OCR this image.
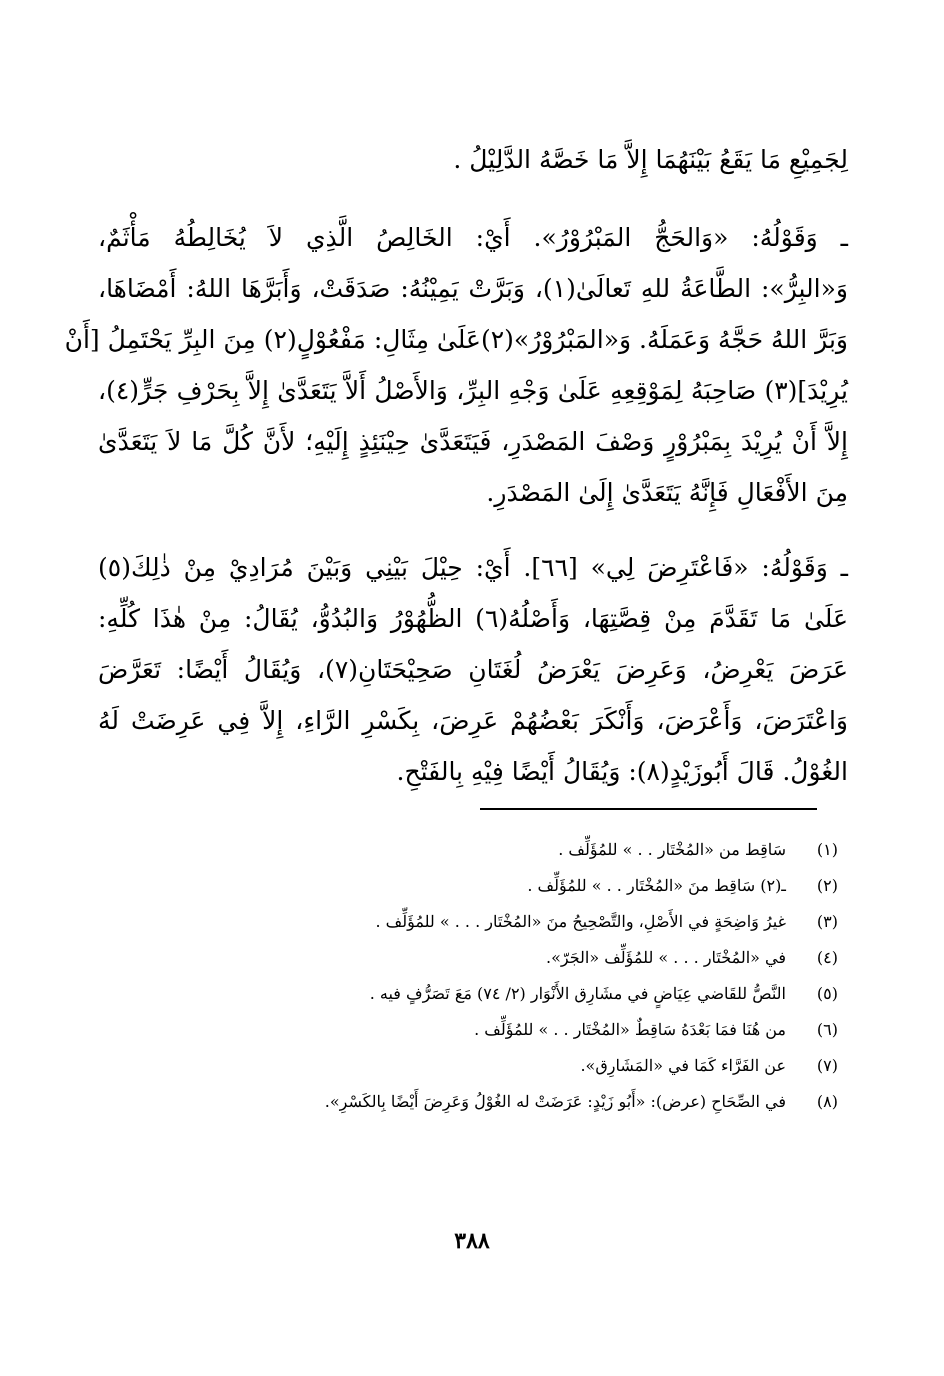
لِجَمِيْعِ مَا يَقَعُ بَيْنَهُمَا إِلاَّ مَا خَصَّهُ الدَّلِيْلُ .
ـ وَقَوْلُهُ: «وَالحَجُّ المَبْرُوْرُ». أَيْ: الخَالِصُ الَّذِي لاَ يُخَالِطُهُ مَأْثَمٌ،
وَ«البِرُّ»: الطَّاعَةُ للهِ تَعالَىٰ(١)، وَبَرَّتْ يَمِيْنُهُ: صَدَقَتْ، وَأَبَرَّهَا اللهُ: أَمْضَاهَا،
وَبَرَّ اللهُ حَجَّهُ وَعَمَلَهُ. وَ«المَبْرُوْرُ»(٢)عَلَىٰ مِثَالِ: مَفْعُوْلٍ(٢) مِنَ البِرِّ يَحْتَمِلُ [أَنْ
يُرِيْدَ](٣) صَاحِبَهُ لِمَوْقِعِهِ عَلَىٰ وَجْهِ البِرِّ، وَالأَصْلُ أَلاَّ يَتَعَدَّىٰ إِلاَّ بِحَرْفِ جَرٍّ(٤)،
إِلاَّ أَنْ يُرِيْدَ بِمَبْرُوْرٍ وَصْفَ المَصْدَرِ، فَيَتَعَدَّىٰ حِيْنَئِذٍ إِلَيْهِ؛ لأَنَّ كُلَّ مَا لاَ يَتَعَدَّىٰ
مِنَ الأَفْعَالِ فَإِنَّهُ يَتَعَدَّىٰ إِلَىٰ المَصْدَرِ.
ـ وَقَوْلُهُ: «فَاعْتَرِضَ لِي» [٦٦]. أَيْ: حِيْلَ بَيْنِي وَبَيْنَ مُرَادِيْ مِنْ ذٰلِكَ(٥)
عَلَىٰ مَا تَقَدَّمَ مِنْ قِصَّتِهَا، وَأَصْلُهُ(٦) الظُّهُوْرُ وَالبُدُوُّ، يُقَالُ: مِنْ هٰذَا كُلِّهِ:
عَرَضَ يَعْرِضُ، وَعَرِضَ يَعْرَضُ لُغَتَانِ صَحِيْحَتَانِ(٧)، وَيُقَالُ أَيْضًا: تَعَرَّضَ
وَاعْتَرَضَ، وَأَعْرَضَ، وَأَنْكَرَ بَعْضُهُمْ عَرِضَ، بِكَسْرِ الرَّاءِ، إِلاَّ فِي عَرِضَتْ لَهُ
الغُوْلُ. قَالَ أَبُوزَيْدٍ(٨): وَيُقَالُ أَيْضًا فِيْهِ بِالفَتْحِ.
(١)
سَاقِط من «المُخْتَار . . » للمُؤَلِّف .
(٢)
ـ(٢) سَاقِط منَ «المُخْتَار . . » للمُؤَلِّف .
(٣)
غيرُ وَاضِحَةٍ في الأَصْلِ، والتَّصْحِيحُ منَ «المُخْتَار . . . » للمُؤَلِّف .
(٤)
في «المُخْتَار . . . » للمُؤَلِّف «الجَرّ».
(٥)
النَّصُّ للقَاضي عِيَاضٍ في مشَارِق الأَنْوَار (٢/ ٧٤) مَعَ تَصَرُّفٍ فيه .
(٦)
من هُنَا فمَا بَعْدَهُ سَاقِطٌ «المُخْتَار . . » للمُؤَلِّف .
(٧)
عن الفَرَّاء كَمَا في «المَشَارِق».
(٨)
في الصِّحَاحِ (عرض): «أَبُو زَيْدٍ: عَرَضَتْ له الغُوْلُ وَعَرِضَ أَيْضًا بِالكَسْرِ».
٣٨٨
